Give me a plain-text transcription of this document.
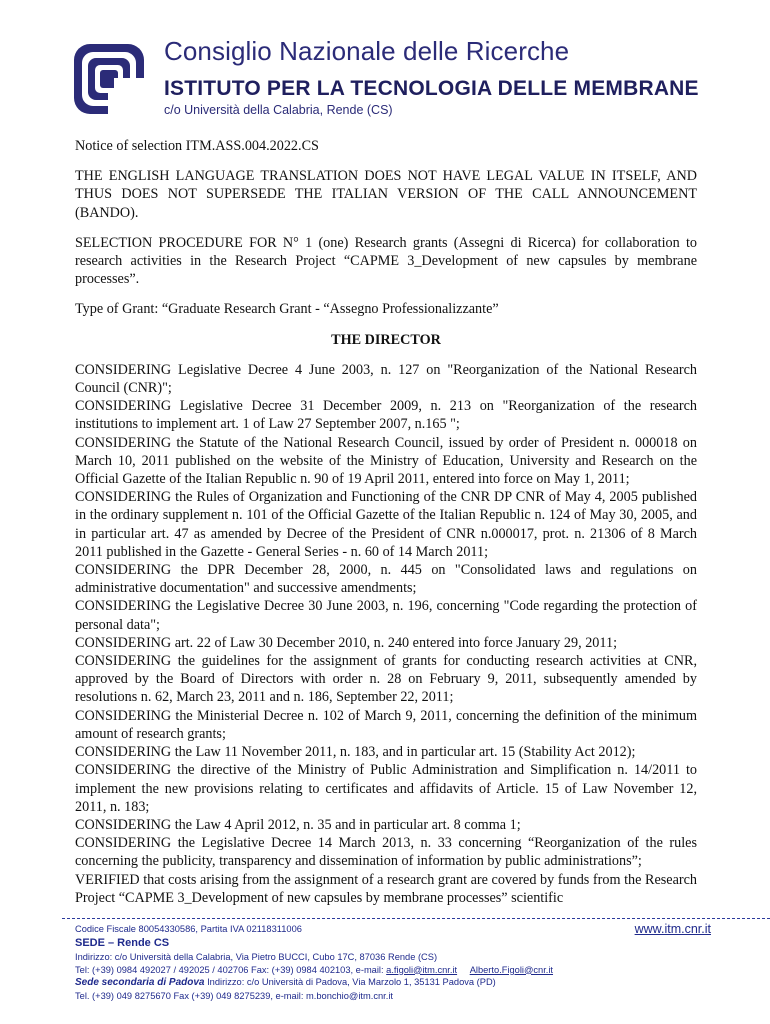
Consiglio Nazionale delle Ricerche
ISTITUTO PER LA TECNOLOGIA DELLE MEMBRANE
c/o Università della Calabria, Rende (CS)

Notice of selection ITM.ASS.004.2022.CS

THE ENGLISH LANGUAGE TRANSLATION DOES NOT HAVE LEGAL VALUE IN ITSELF, AND THUS DOES NOT SUPERSEDE THE ITALIAN VERSION OF THE CALL ANNOUNCEMENT (BANDO).

SELECTION PROCEDURE FOR N° 1 (one) Research grants (Assegni di Ricerca) for collaboration to research activities in the Research Project “CAPME 3_Development of new capsules by membrane processes”.

Type of Grant: “Graduate Research Grant - “Assegno Professionalizzante”

THE DIRECTOR

CONSIDERING Legislative Decree 4 June 2003, n. 127 on "Reorganization of the National Research Council (CNR)";

CONSIDERING Legislative Decree 31 December 2009, n. 213 on "Reorganization of the research institutions to implement art. 1 of Law 27 September 2007, n.165 ";

CONSIDERING the Statute of the National Research Council, issued by order of President n. 000018 on March 10, 2011 published on the website of the Ministry of Education, University and Research on the Official Gazette of the Italian Republic n. 90 of 19 April 2011, entered into force on May 1, 2011;

CONSIDERING the Rules of Organization and Functioning of the CNR DP CNR of May 4, 2005 published in the ordinary supplement n. 101 of the Official Gazette of the Italian Republic n. 124 of May 30, 2005, and in particular art. 47 as amended by Decree of the President of CNR n.000017, prot. n. 21306 of 8 March 2011 published in the Gazette - General Series - n. 60 of 14 March 2011;

CONSIDERING the DPR December 28, 2000, n. 445 on "Consolidated laws and regulations on administrative documentation" and successive amendments;

CONSIDERING the Legislative Decree 30 June 2003, n. 196, concerning "Code regarding the protection of personal data";

CONSIDERING art. 22 of Law 30 December 2010, n. 240 entered into force January 29, 2011;

CONSIDERING the guidelines for the assignment of grants for conducting research activities at CNR, approved by the Board of Directors with order n. 28 on February 9, 2011, subsequently amended by resolutions n. 62, March 23, 2011 and n. 186, September 22, 2011;

CONSIDERING the Ministerial Decree n. 102 of March 9, 2011, concerning the definition of the minimum amount of research grants;

CONSIDERING the Law 11 November 2011, n. 183, and in particular art. 15 (Stability Act 2012);

CONSIDERING the directive of the Ministry of Public Administration and Simplification n. 14/2011 to implement the new provisions relating to certificates and affidavits of Article. 15 of Law November 12, 2011, n. 183;

CONSIDERING the Law 4 April 2012, n. 35 and in particular art. 8 comma 1;

CONSIDERING the Legislative Decree 14 March 2013, n. 33 concerning “Reorganization of the rules concerning the publicity, transparency and dissemination of information by public administrations”;

VERIFIED that costs arising from the assignment of a research grant are covered by funds from the Research Project “CAPME 3_Development of new capsules by membrane processes” scientific

Codice Fiscale 80054330586, Partita IVA 02118311006	www.itm.cnr.it
SEDE – Rende CS
Indirizzo: c/o Università della Calabria, Via Pietro BUCCI, Cubo 17C, 87036 Rende (CS)
Tel: (+39) 0984 492027 / 492025 / 402706 Fax: (+39) 0984 402103, e-mail: a.figoli@itm.cnr.it Alberto.Figoli@cnr.it
Sede secondaria di Padova Indirizzo: c/o Università di Padova, Via Marzolo 1, 35131 Padova (PD)
Tel. (+39) 049 8275670 Fax (+39) 049 8275239, e-mail: m.bonchio@itm.cnr.it
